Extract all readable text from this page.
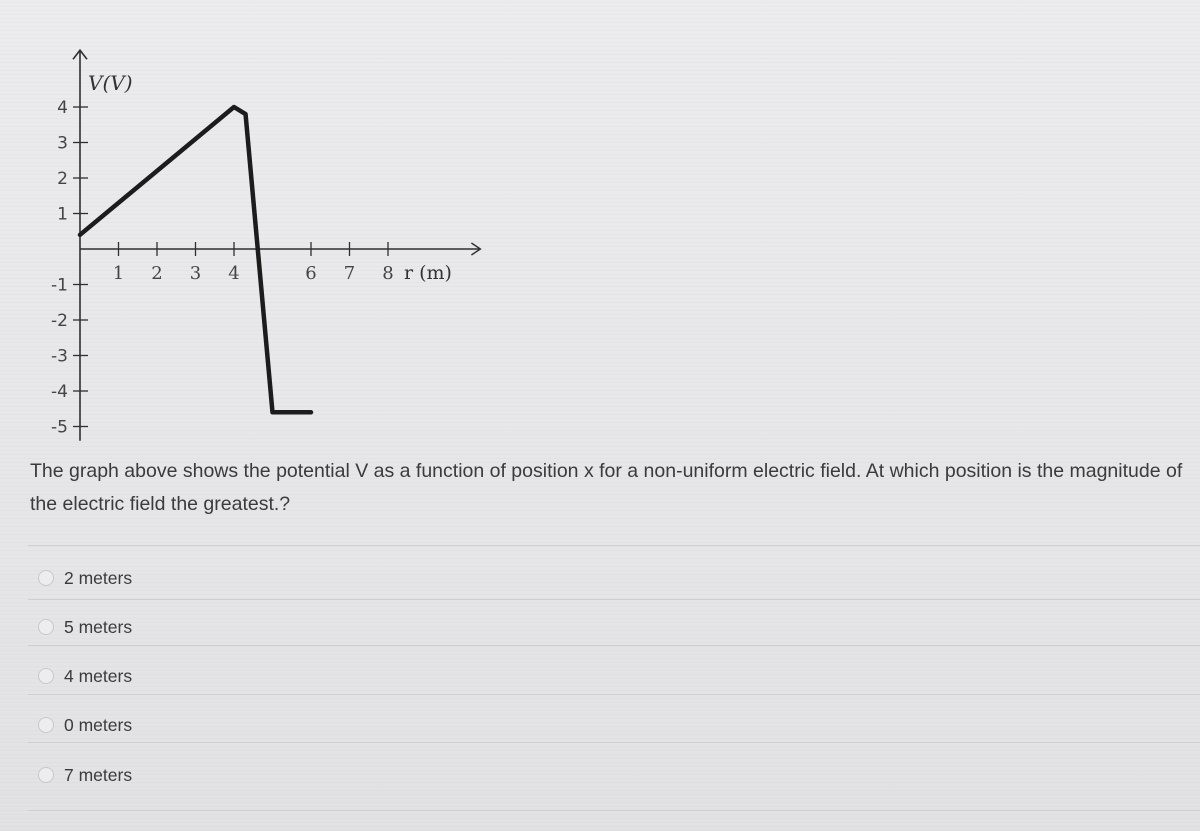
4
3
2
1
-1
-2
-3
-4
-5
1 2 3 4	6 7 8
V(V)
r (m)
The graph above shows the potential V as a function of position x for a non-uniform electric field. At which position is the magnitude of the electric field the greatest.?
2 meters
5 meters
4 meters
0 meters
7 meters
